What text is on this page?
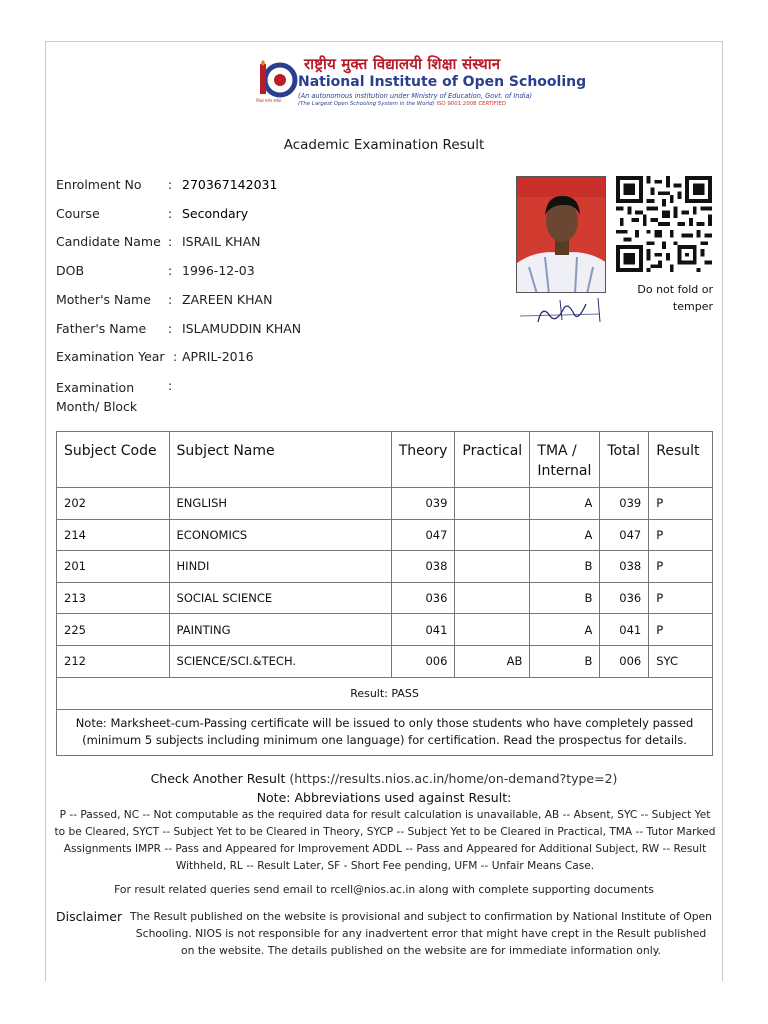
शिक्षा सर्वत्र सर्वदा
राष्ट्रीय मुक्त विद्यालयी शिक्षा संस्थान
National Institute of Open Schooling
(An autonomous institution under Ministry of Education, Govt. of India)
(The Largest Open Schooling System in the World) ISO 9001:2008 CERTIFIED
Academic Examination Result
Enrolment No : 270367142031
Course	: Secondary
Candidate Name : ISRAIL KHAN
DOB	: 1996-12-03
Mother's Name : ZAREEN KHAN
Father's Name : ISLAMUDDIN KHAN
Examination Year : APRIL-2016
Examination Month/ Block
:
Do not fold or temper
Subject Code	Subject Name	Theory	Practical	TMA / Internal	Total	Result
202	ENGLISH	039		A	039	P
214	ECONOMICS	047		A	047	P
201	HINDI	038		B	038	P
213	SOCIAL SCIENCE	036		B	036	P
225	PAINTING	041		A	041	P
212	SCIENCE/SCI.&TECH.	006	AB	B	006	SYC
Result: PASS						
Note: Marksheet-cum-Passing certificate will be issued to only those students who have completely passed (minimum 5 subjects including minimum one language) for certification. Read the prospectus for details.						
Check Another Result (https://results.nios.ac.in/home/on-demand?type=2)
Note: Abbreviations used against Result:
P -- Passed, NC -- Not computable as the required data for result calculation is unavailable, AB -- Absent, SYC -- Subject Yet to be Cleared, SYCT -- Subject Yet to be Cleared in Theory, SYCP -- Subject Yet to be Cleared in Practical, TMA -- Tutor Marked Assignments IMPR -- Pass and Appeared for Improvement ADDL -- Pass and Appeared for Additional Subject, RW -- Result Withheld, RL -- Result Later, SF - Short Fee pending, UFM -- Unfair Means Case.
For result related queries send email to rcell@nios.ac.in along with complete supporting documents
Disclaimer The Result published on the website is provisional and subject to confirmation by National Institute of Open Schooling. NIOS is not responsible for any inadvertent error that might have crept in the Result published on the website. The details published on the website are for immediate information only.
